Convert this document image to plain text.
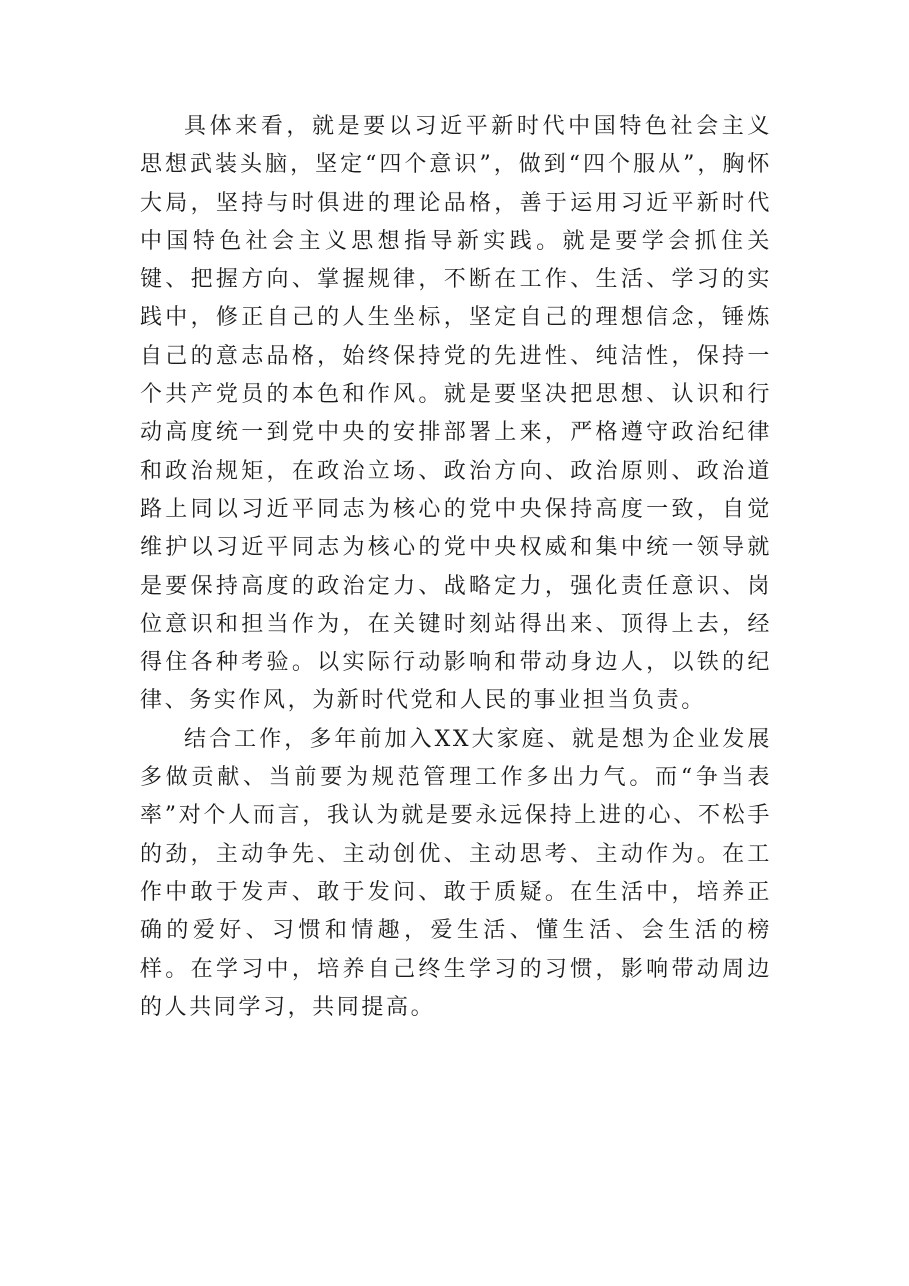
具体来看，就是要以习近平新时代中国特色社会主义思想武装头脑，坚定“四个意识”，做到“四个服从”，胸怀大局，坚持与时俱进的理论品格，善于运用习近平新时代中国特色社会主义思想指导新实践。就是要学会抓住关键、把握方向、掌握规律，不断在工作、生活、学习的实践中，修正自己的人生坐标，坚定自己的理想信念，锤炼自己的意志品格，始终保持党的先进性、纯洁性，保持一个共产党员的本色和作风。就是要坚决把思想、认识和行动高度统一到党中央的安排部署上来，严格遵守政治纪律和政治规矩，在政治立场、政治方向、政治原则、政治道路上同以习近平同志为核心的党中央保持高度一致，自觉维护以习近平同志为核心的党中央权威和集中统一领导就是要保持高度的政治定力、战略定力，强化责任意识、岗位意识和担当作为，在关键时刻站得出来、顶得上去，经得住各种考验。以实际行动影响和带动身边人，以铁的纪律、务实作风，为新时代党和人民的事业担当负责。

结合工作，多年前加入XX大家庭、就是想为企业发展多做贡献、当前要为规范管理工作多出力气。而“争当表率”对个人而言，我认为就是要永远保持上进的心、不松手的劲，主动争先、主动创优、主动思考、主动作为。在工作中敢于发声、敢于发问、敢于质疑。在生活中，培养正确的爱好、习惯和情趣，爱生活、懂生活、会生活的榜样。在学习中，培养自己终生学习的习惯，影响带动周边的人共同学习，共同提高。
